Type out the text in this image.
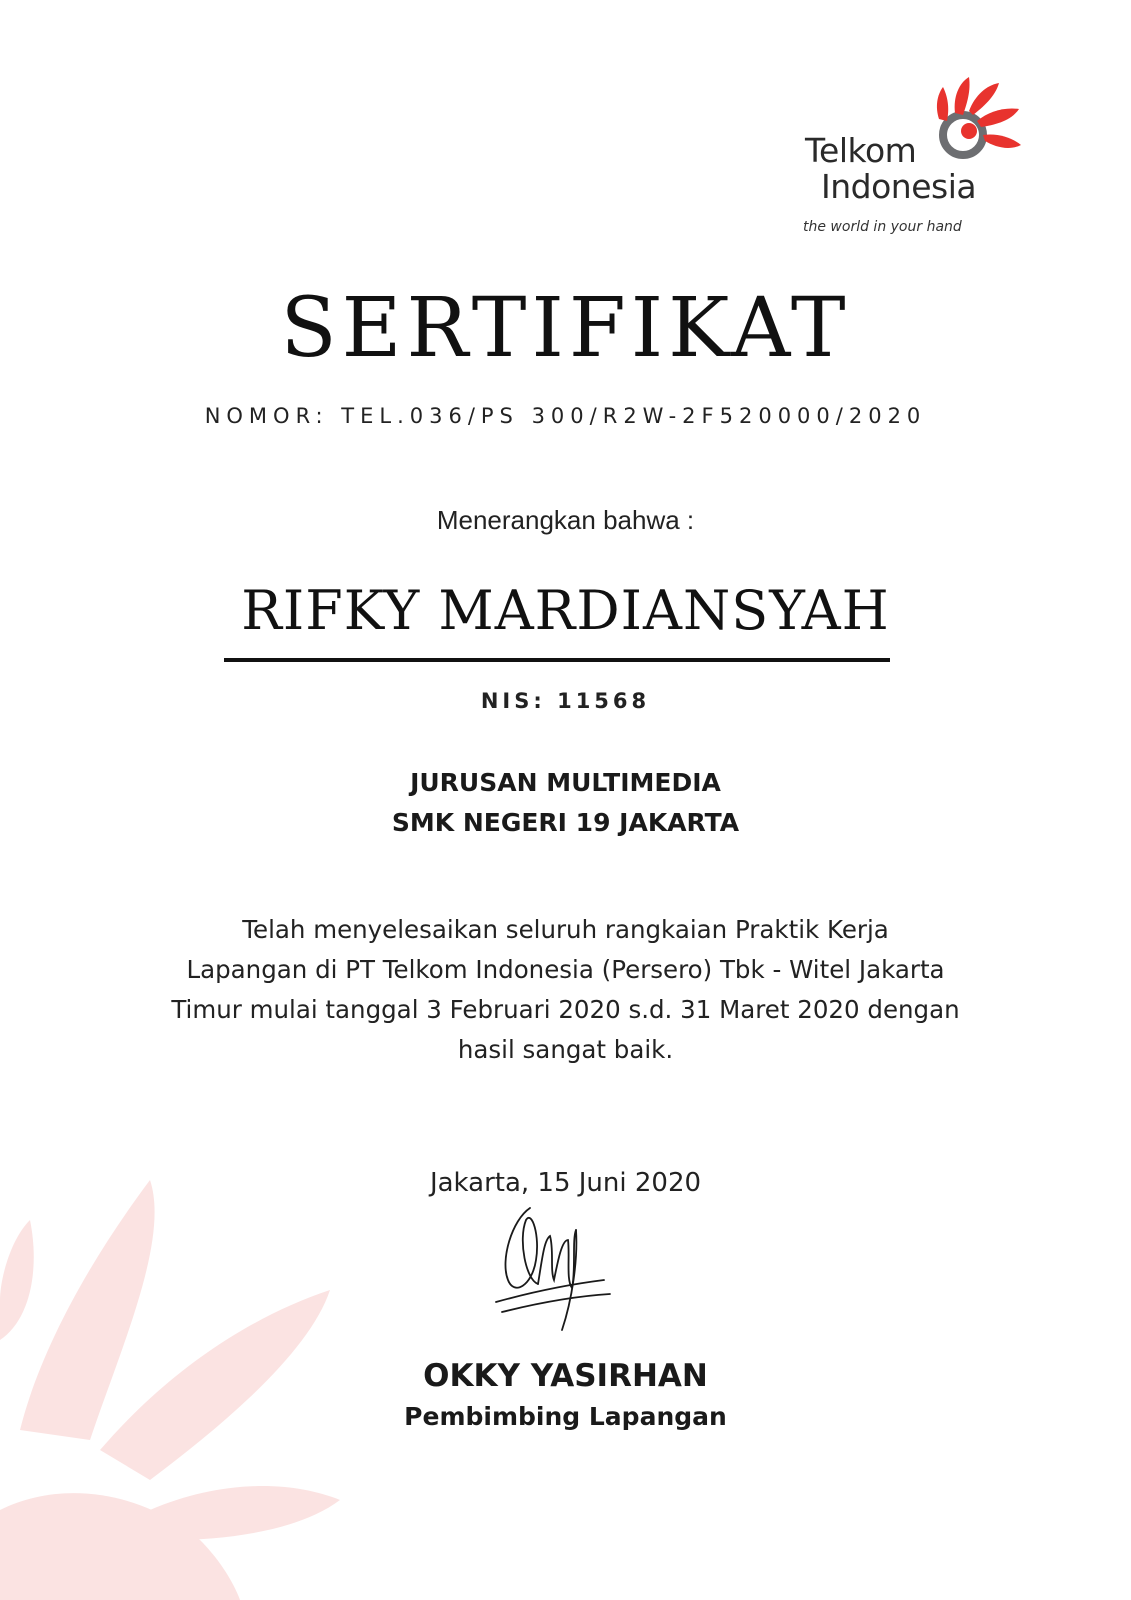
Telkom
Indonesia
the world in your hand
SERTIFIKAT
NOMOR: TEL.036/PS 300/R2W-2F520000/2020
Menerangkan bahwa :
RIFKY MARDIANSYAH
NIS: 11568
JURUSAN MULTIMEDIA
SMK NEGERI 19 JAKARTA
Telah menyelesaikan seluruh rangkaian Praktik Kerja
Lapangan di PT Telkom Indonesia (Persero) Tbk - Witel Jakarta
Timur mulai tanggal 3 Februari 2020 s.d. 31 Maret 2020 dengan
hasil sangat baik.
Jakarta, 15 Juni 2020
OKKY YASIRHAN
Pembimbing Lapangan
